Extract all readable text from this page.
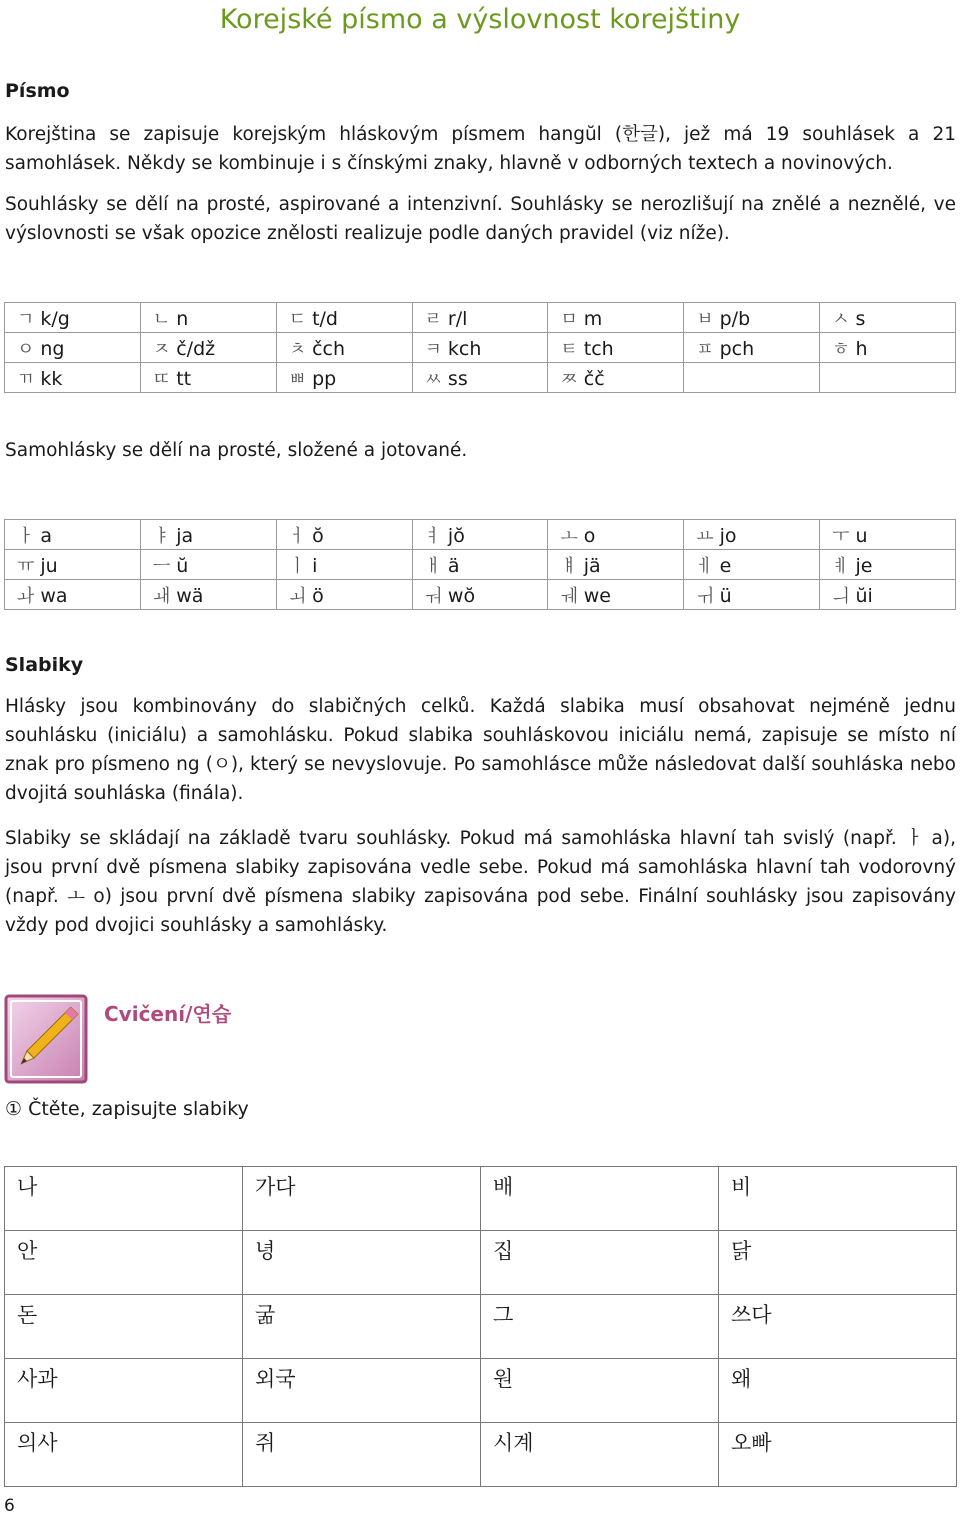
Korejské písmo a výslovnost korejštiny
Písmo
Korejština se zapisuje korejským hláskovým písmem hangŭl (한글), jež má 19 souhlásek a 21 samohlásek. Někdy se kombinuje i s čínskými znaky, hlavně v odborných textech a novinových.
Souhlásky se dělí na prosté, aspirované a intenzivní. Souhlásky se nerozlišují na znělé a neznělé, ve výslovnosti se však opozice znělosti realizuje podle daných pravidel (viz níže).
ㄱ k/g	ㄴ n	ㄷ t/d	ㄹ r/l	ㅁ m	ㅂ p/b	ㅅ s
ㅇ ng	ㅈ č/dž	ㅊ čch	ㅋ kch	ㅌ tch	ㅍ pch	ㅎ h
ㄲ kk	ㄸ tt	ㅃ pp	ㅆ ss	ㅉ čč		
Samohlásky se dělí na prosté, složené a jotované.
ㅏ a	ㅑ ja	ㅓ ŏ	ㅕ jŏ	ㅗ o	ㅛ jo	ㅜ u
ㅠ ju	ㅡ ŭ	ㅣ i	ㅐ ä	ㅒ jä	ㅔ e	ㅖ je
ㅘ wa	ㅙ wä	ㅚ ö	ㅝ wŏ	ㅞ we	ㅟ ü	ㅢ ŭi
Slabiky
Hlásky jsou kombinovány do slabičných celků. Každá slabika musí obsahovat nejméně jednu souhlásku (iniciálu) a samohlásku. Pokud slabika souhláskovou iniciálu nemá, zapisuje se místo ní znak pro písmeno ng (ㅇ), který se nevyslovuje. Po samohlásce může následovat další souhláska nebo dvojitá souhláska (finála).
Slabiky se skládají na základě tvaru souhlásky. Pokud má samohláska hlavní tah svislý (např. ㅏ a), jsou první dvě písmena slabiky zapisována vedle sebe. Pokud má samohláska hlavní tah vodorovný (např. ㅗ o) jsou první dvě písmena slabiky zapisována pod sebe. Finální souhlásky jsou zapisovány vždy pod dvojici souhlásky a samohlásky.
Cvičení/연습
① Čtěte, zapisujte slabiky
나	가다	배	비
안	녕	집	닭
돈	굶	그	쓰다
사과	외국	원	왜
의사	쥐	시계	오빠
6
